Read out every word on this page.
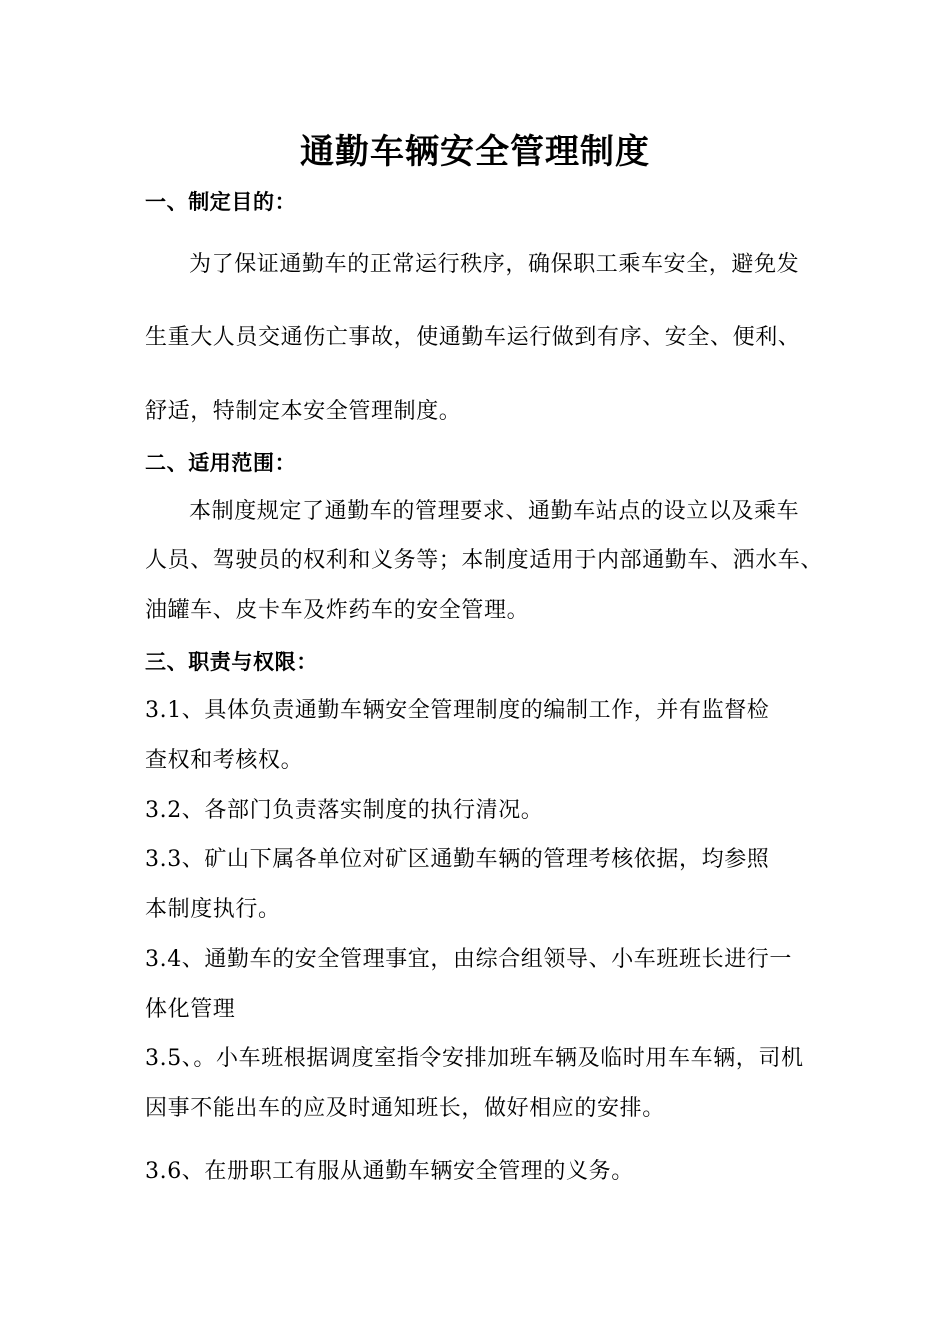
通勤车辆安全管理制度
一、制定目的：

为了保证通勤车的正常运行秩序，确保职工乘车安全，避免发

生重大人员交通伤亡事故，使通勤车运行做到有序、安全、便利、

舒适，特制定本安全管理制度。

二、适用范围：

本制度规定了通勤车的管理要求、通勤车站点的设立以及乘车

人员、驾驶员的权利和义务等；本制度适用于内部通勤车、洒水车、

油罐车、皮卡车及炸药车的安全管理。

三、职责与权限：

3.1、具体负责通勤车辆安全管理制度的编制工作，并有监督检

查权和考核权。

3.2、各部门负责落实制度的执行清况。

3.3、矿山下属各单位对矿区通勤车辆的管理考核依据，均参照

本制度执行。

3.4、通勤车的安全管理事宜，由综合组领导、小车班班长进行一

体化管理

3.5、。小车班根据调度室指令安排加班车辆及临时用车车辆，司机

因事不能出车的应及时通知班长，做好相应的安排。

3.6、在册职工有服从通勤车辆安全管理的义务。
